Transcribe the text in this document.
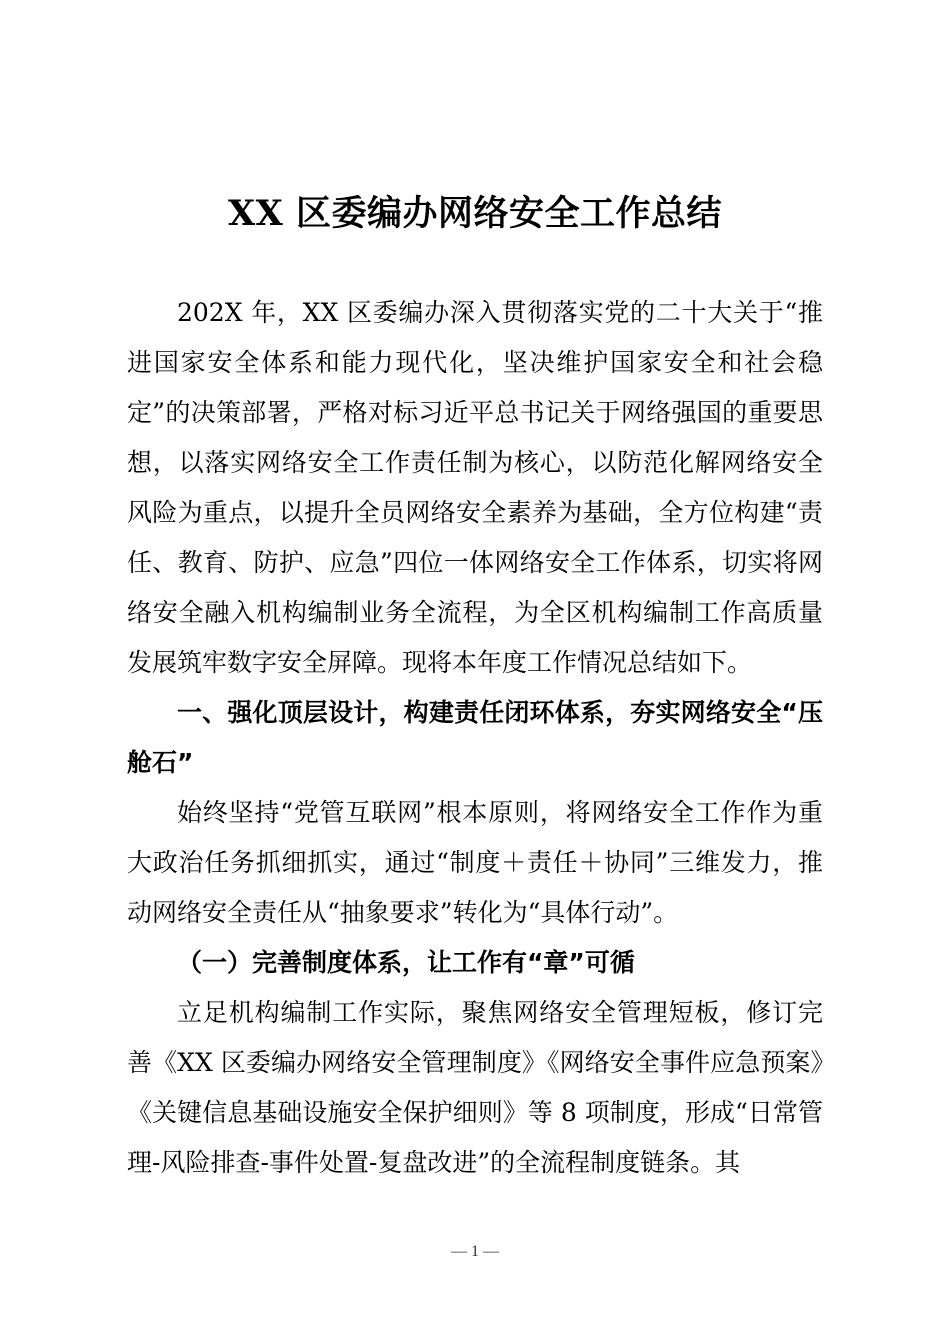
XX 区委编办网络安全工作总结

202X 年，XX 区委编办深入贯彻落实党的二十大关于“推进国家安全体系和能力现代化，坚决维护国家安全和社会稳定”的决策部署，严格对标习近平总书记关于网络强国的重要思想，以落实网络安全工作责任制为核心，以防范化解网络安全风险为重点，以提升全员网络安全素养为基础，全方位构建“责任、教育、防护、应急”四位一体网络安全工作体系，切实将网络安全融入机构编制业务全流程，为全区机构编制工作高质量发展筑牢数字安全屏障。现将本年度工作情况总结如下。

一、强化顶层设计，构建责任闭环体系，夯实网络安全“压舱石”

始终坚持“党管互联网”根本原则，将网络安全工作作为重大政治任务抓细抓实，通过“制度＋责任＋协同”三维发力，推动网络安全责任从“抽象要求”转化为“具体行动”。

（一）完善制度体系，让工作有“章”可循

立足机构编制工作实际，聚焦网络安全管理短板，修订完善《XX 区委编办网络安全管理制度》《网络安全事件应急预案》《关键信息基础设施安全保护细则》等 8 项制度，形成“日常管理-风险排查-事件处置-复盘改进”的全流程制度链条。其

— 1 —
